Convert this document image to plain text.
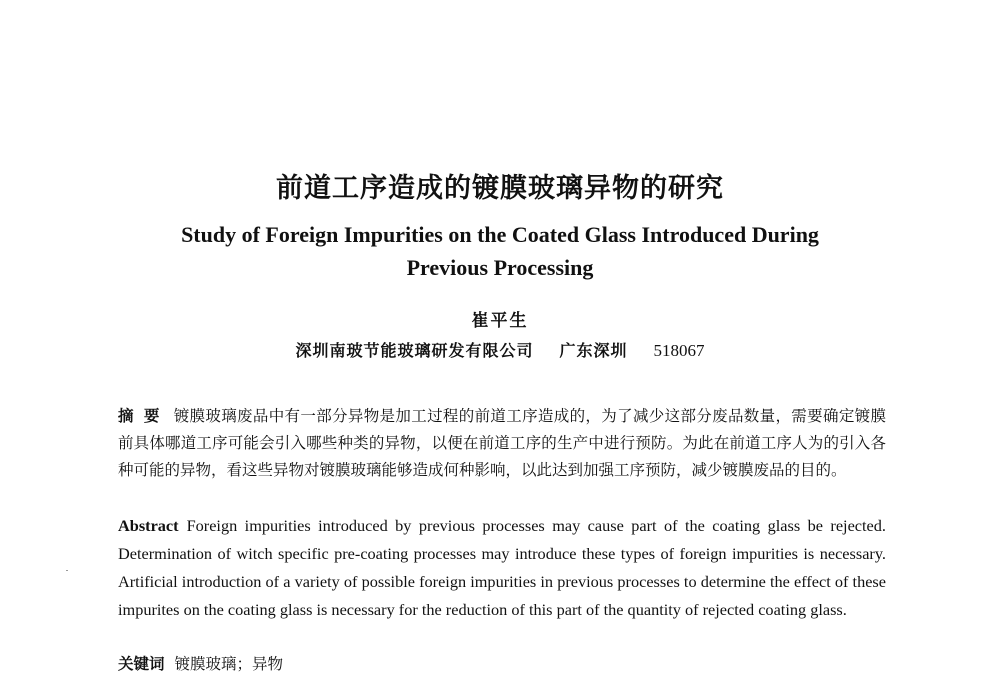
前道工序造成的镀膜玻璃异物的研究
Study of Foreign Impurities on the Coated Glass Introduced During
Previous Processing
崔平生
深圳南玻节能玻璃研发有限公司 广东深圳 518067
摘要 镀膜玻璃废品中有一部分异物是加工过程的前道工序造成的，为了减少这部分废品数量，需要确定镀膜前具体哪道工序可能会引入哪些种类的异物，以便在前道工序的生产中进行预防。为此在前道工序人为的引入各种可能的异物，看这些异物对镀膜玻璃能够造成何种影响，以此达到加强工序预防，减少镀膜废品的目的。
Abstract Foreign impurities introduced by previous processes may cause part of the coating glass be rejected. Determination of witch specific pre-coating processes may introduce these types of foreign impurities is necessary. Artificial introduction of a variety of possible foreign impurities in previous processes to determine the effect of these impurites on the coating glass is necessary for the reduction of this part of the quantity of rejected coating glass.
关键词 镀膜玻璃；异物
